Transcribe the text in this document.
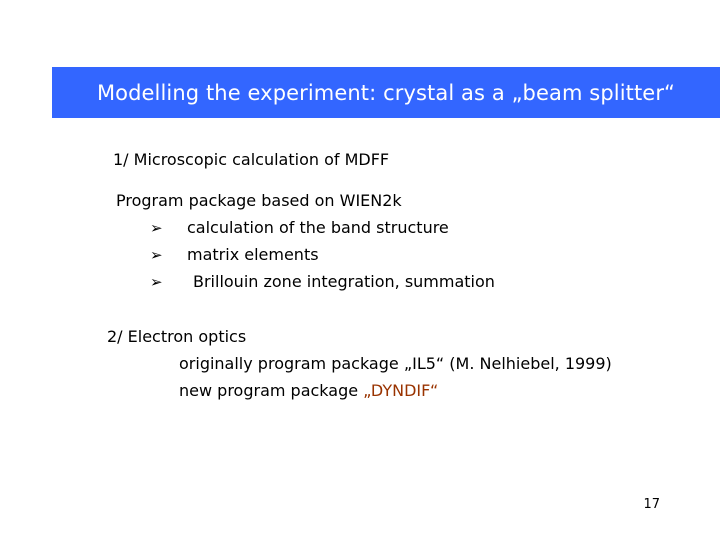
Modelling the experiment: crystal as a „beam splitter“
1/ Microscopic calculation of MDFF
Program package based on WIEN2k
➢ calculation of the band structure
➢ matrix elements
➢ Brillouin zone integration, summation
2/ Electron optics
originally program package „IL5“ (M. Nelhiebel, 1999)
new program package „DYNDIF“
17
